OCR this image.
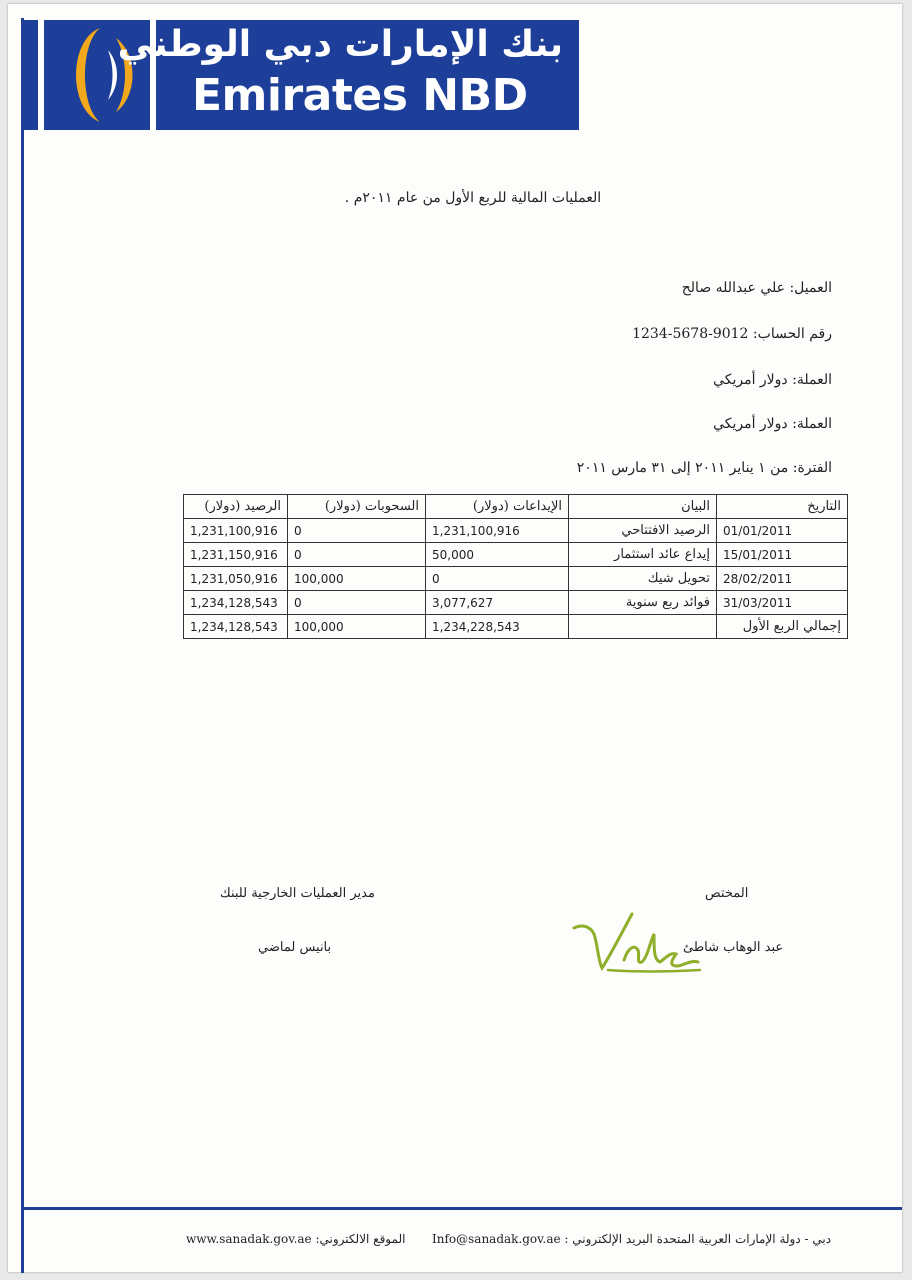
بنك الإمارات دبي الوطني
Emirates NBD
العمليات المالية للربع الأول من عام ٢٠١١م .
العميل: علي عبدالله صالح
رقم الحساب: 1234-5678-9012
العملة: دولار أمريكي
العملة: دولار أمريكي
الفترة: من ١ يناير ٢٠١١ إلى ٣١ مارس ٢٠١١
التاريخ	البيان	الإيداعات (دولار)	السحوبات (دولار)	الرصيد (دولار)
01/01/2011	الرصيد الافتتاحي	1,231,100,916	0	1,231,100,916
15/01/2011	إيداع عائد استثمار	50,000	0	1,231,150,916
28/02/2011	تحويل شيك	0	100,000	1,231,050,916
31/03/2011	فوائد ربع سنوية	3,077,627	0	1,234,128,543
إجمالي الربع الأول		1,234,228,543	100,000	1,234,128,543
مدير العمليات الخارجية للبنك
بانيس لماضي
المختص
عبد الوهاب شاطئ
www.sanadak.gov.ae الموقع الالكتروني: Info@sanadak.gov.ae البريد الإلكتروني : دبي - دولة الإمارات العربية المتحدة
